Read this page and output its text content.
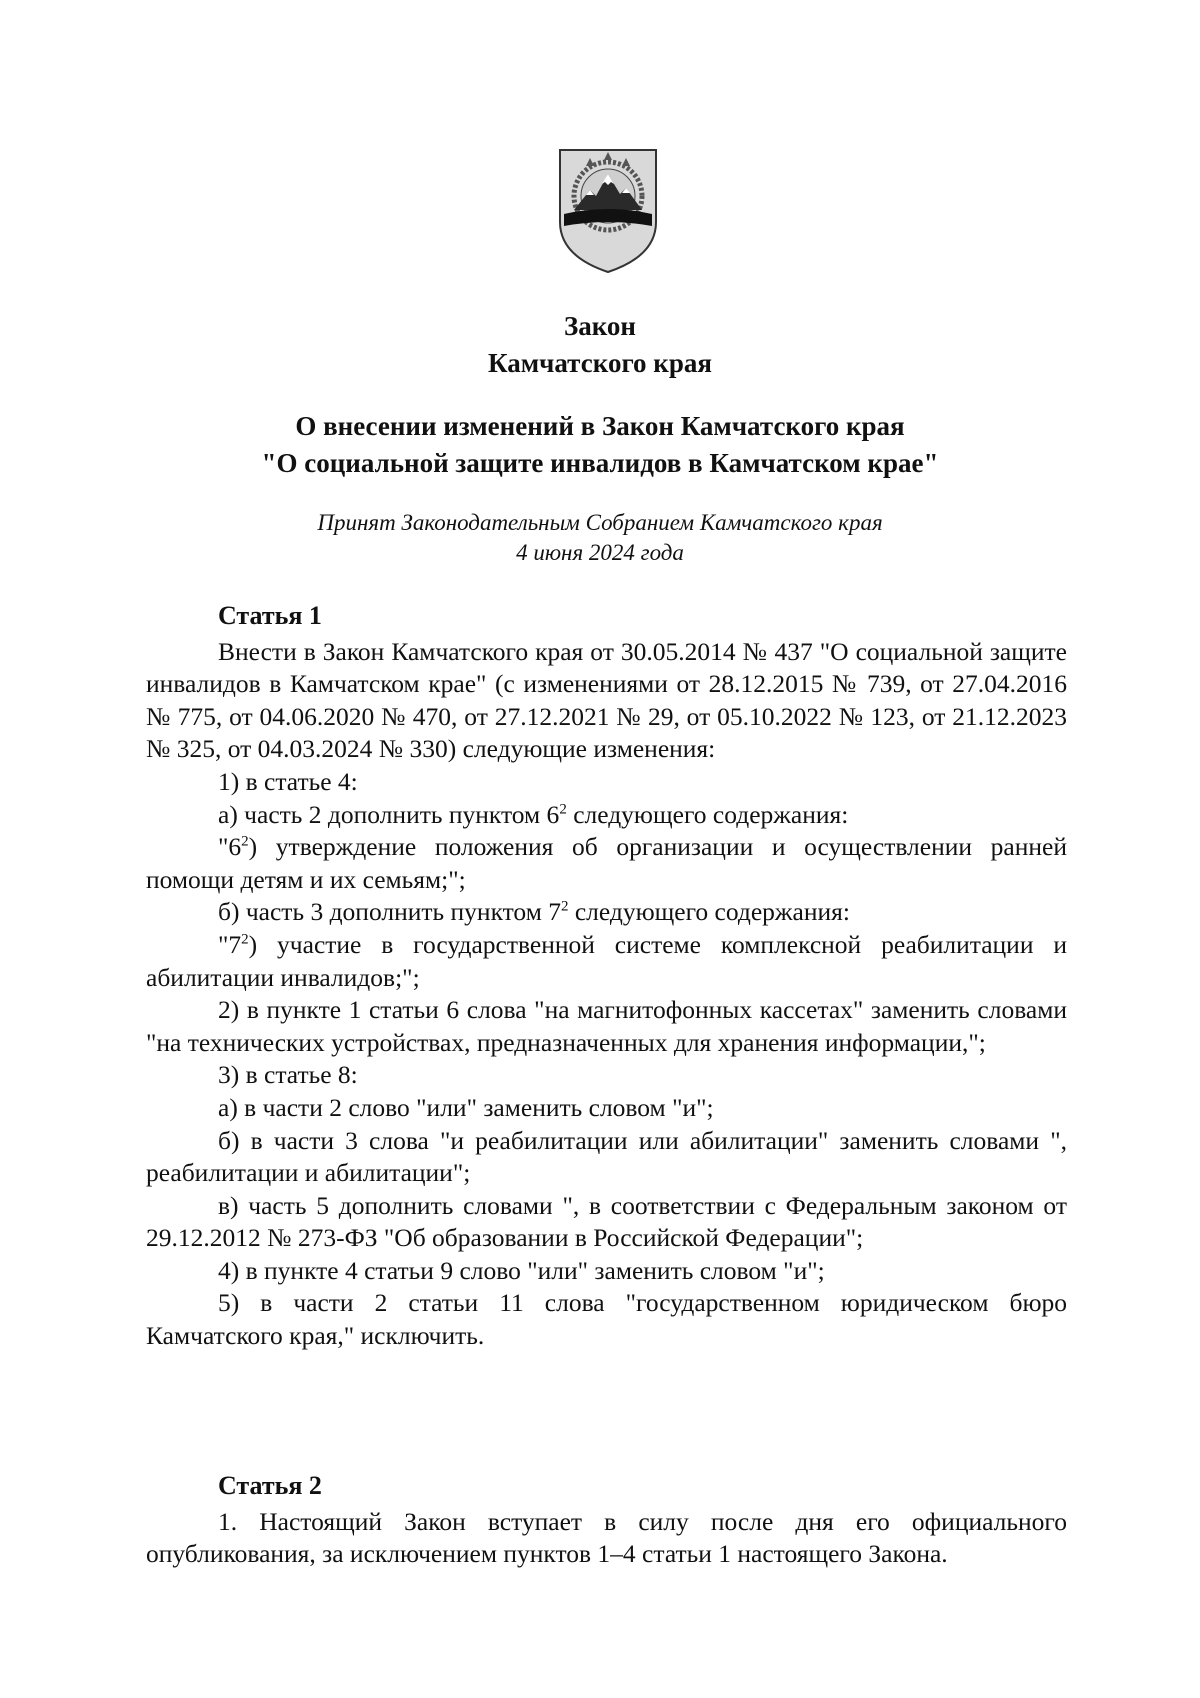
Закон
Камчатского края
О внесении изменений в Закон Камчатского края
"О социальной защите инвалидов в Камчатском крае"
Принят Законодательным Собранием Камчатского края
4 июня 2024 года
Статья 1

Внести в Закон Камчатского края от 30.05.2014 № 437 "О социальной защите инвалидов в Камчатском крае" (с изменениями от 28.12.2015 № 739, от 27.04.2016 № 775, от 04.06.2020 № 470, от 27.12.2021 № 29, от 05.10.2022 № 123, от 21.12.2023 № 325, от 04.03.2024 № 330) следующие изменения:

1) в статье 4:

а) часть 2 дополнить пунктом $6^2$ следующего содержания:

"$6^2$) утверждение положения об организации и осуществлении ранней помощи детям и их семьям;";

б) часть 3 дополнить пунктом $7^2$ следующего содержания:

"$7^2$) участие в государственной системе комплексной реабилитации и абилитации инвалидов;";

2) в пункте 1 статьи 6 слова "на магнитофонных кассетах" заменить словами "на технических устройствах, предназначенных для хранения информации,";

3) в статье 8:

а) в части 2 слово "или" заменить словом "и";

б) в части 3 слова "и реабилитации или абилитации" заменить словами ", реабилитации и абилитации";

в) часть 5 дополнить словами ", в соответствии с Федеральным законом от 29.12.2012 № 273-ФЗ "Об образовании в Российской Федерации";

4) в пункте 4 статьи 9 слово "или" заменить словом "и";

5) в части 2 статьи 11 слова "государственном юридическом бюро Камчатского края," исключить.

Статья 2

1. Настоящий Закон вступает в силу после дня его официального опубликования, за исключением пунктов 1–4 статьи 1 настоящего Закона.
